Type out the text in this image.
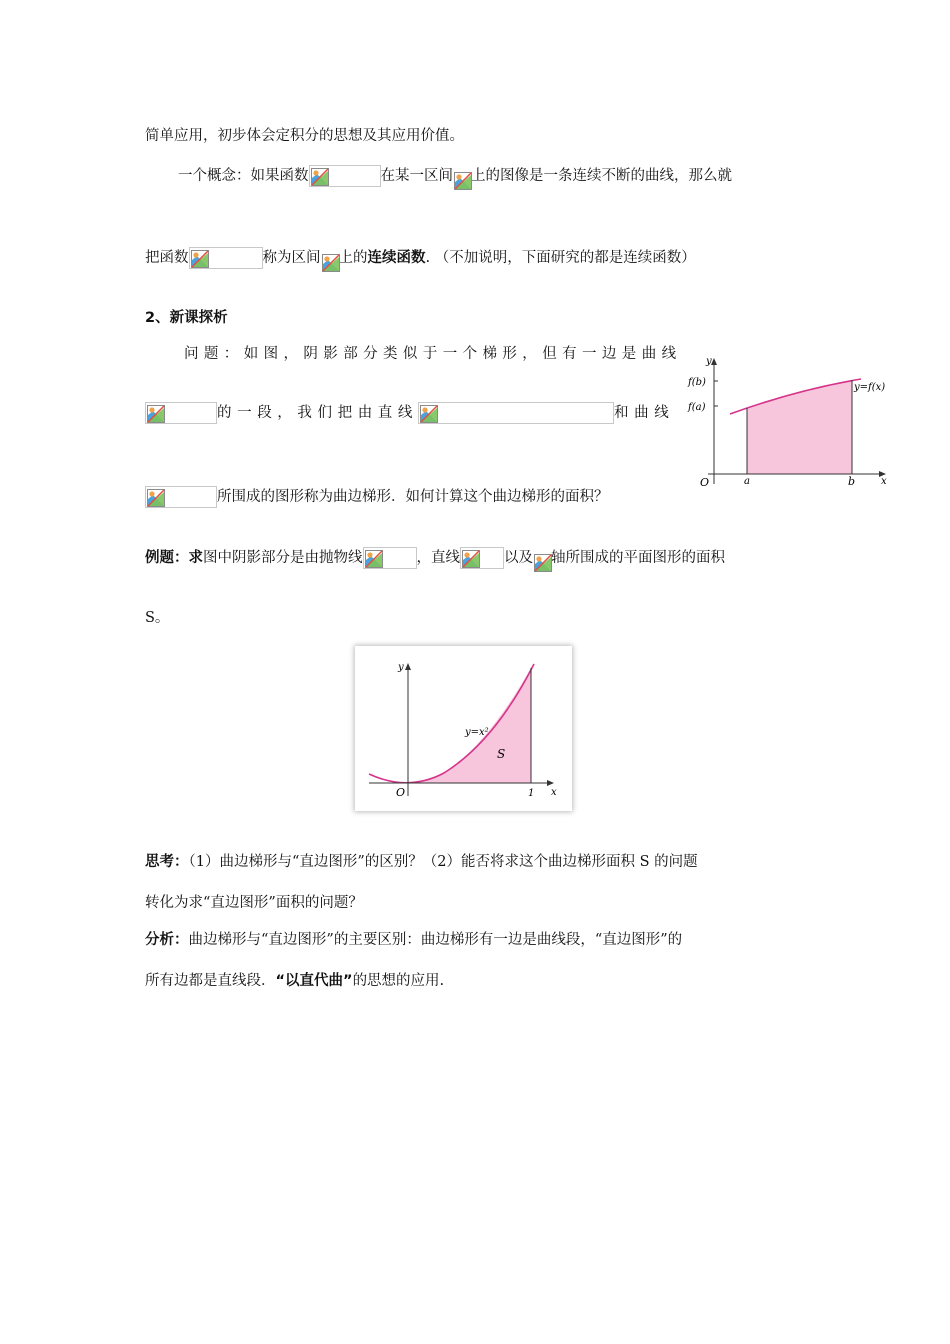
简单应用，初步体会定积分的思想及其应用价值。
一个概念：如果函数	在某一区间 上的图像是一条连续不断的曲线，那么就
把函数	称为区间 上的连续函数. （不加说明，下面研究的都是连续函数）
2、新课探析
问题：如图，阴影部分类似于一个梯形，但有一边是曲线
的一段，我们把由直线	和曲线
所围成的图形称为曲边梯形．如何计算这个曲边梯形的面积？
y
f(b)
f(a)
y=f(x)
O	a	b	x
例题：求图中阴影部分是由抛物线	，直线	以及 轴所围成的平面图形的面积
S。
y
y=x²
S
O	1 x
思考：（1）曲边梯形与“直边图形”的区别？（2）能否将求这个曲边梯形面积 S 的问题
转化为求“直边图形”面积的问题？
分析：曲边梯形与“直边图形”的主要区别：曲边梯形有一边是曲线段，“直边图形”的
所有边都是直线段．“以直代曲”的思想的应用.
